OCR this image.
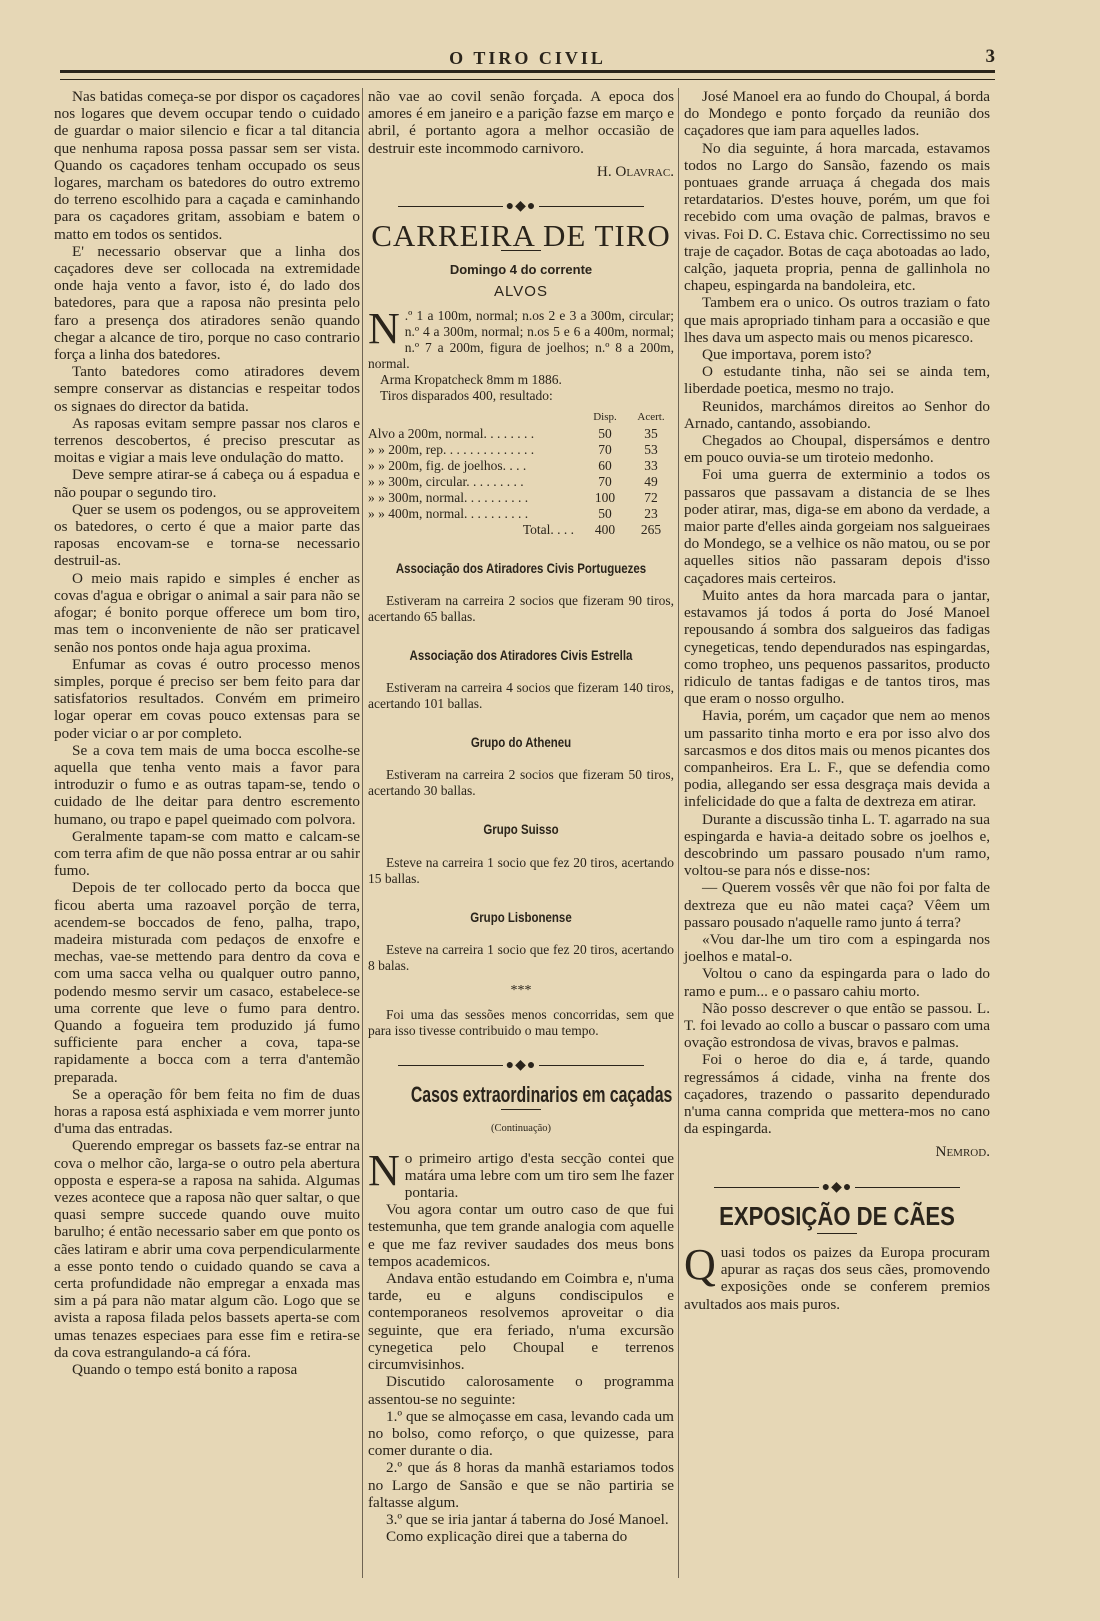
O TIRO CIVIL	3

Nas batidas começa-se por dispor os caçadores nos logares que devem occupar tendo o cuidado de guardar o maior silencio e ficar a tal ditancia que nenhuma raposa possa passar sem ser vista. Quando os caçadores tenham occupado os seus logares, marcham os batedores do outro extremo do terreno escolhido para a caçada e caminhando para os caçadores gritam, assobiam e batem o matto em todos os sentidos.

E' necessario observar que a linha dos caçadores deve ser collocada na extremidade onde haja vento a favor, isto é, do lado dos batedores, para que a raposa não presinta pelo faro a presença dos atiradores senão quando chegar a alcance de tiro, porque no caso contrario força a linha dos batedores.

Tanto batedores como atiradores devem sempre conservar as distancias e respeitar todos os signaes do director da batida.

As raposas evitam sempre passar nos claros e terrenos descobertos, é preciso prescutar as moitas e vigiar a mais leve ondulação do matto.

Deve sempre atirar-se á cabeça ou á espadua e não poupar o segundo tiro.

Quer se usem os podengos, ou se approveitem os batedores, o certo é que a maior parte das raposas encovam-se e torna-se necessario destruil-as.

O meio mais rapido e simples é encher as covas d'agua e obrigar o animal a sair para não se afogar; é bonito porque offerece um bom tiro, mas tem o inconveniente de não ser praticavel senão nos pontos onde haja agua proxima.

Enfumar as covas é outro processo menos simples, porque é preciso ser bem feito para dar satisfatorios resultados. Convém em primeiro logar operar em covas pouco extensas para se poder viciar o ar por completo.

Se a cova tem mais de uma bocca escolhe-se aquella que tenha vento mais a favor para introduzir o fumo e as outras tapam-se, tendo o cuidado de lhe deitar para dentro escremento humano, ou trapo e papel queimado com polvora.

Geralmente tapam-se com matto e calcam-se com terra afim de que não possa entrar ar ou sahir fumo.

Depois de ter collocado perto da bocca que ficou aberta uma razoavel porção de terra, acendem-se boccados de feno, palha, trapo, madeira misturada com pedaços de enxofre e mechas, vae-se mettendo para dentro da cova e com uma sacca velha ou qualquer outro panno, podendo mesmo servir um casaco, estabelece-se uma corrente que leve o fumo para dentro. Quando a fogueira tem produzido já fumo sufficiente para encher a cova, tapa-se rapidamente a bocca com a terra d'antemão preparada.

Se a operação fôr bem feita no fim de duas horas a raposa está asphixiada e vem morrer junto d'uma das entradas.

Querendo empregar os bassets faz-se entrar na cova o melhor cão, larga-se o outro pela abertura opposta e espera-se a raposa na sahida. Algumas vezes acontece que a raposa não quer saltar, o que quasi sempre succede quando ouve muito barulho; é então necessario saber em que ponto os cães latiram e abrir uma cova perpendicularmente a esse ponto tendo o cuidado quando se cava a certa profundidade não empregar a enxada mas sim a pá para não matar algum cão. Logo que se avista a raposa filada pelos bassets aperta-se com umas tenazes especiaes para esse fim e retira-se da cova estrangulando-a cá fóra.

Quando o tempo está bonito a raposa

não vae ao covil senão forçada. A epoca dos amores é em janeiro e a parição fazse em março e abril, é portanto agora a melhor occasião de destruir este incommodo carnivoro.

H. Olavrac.
●◆●
CARREIRA DE TIRO
Domingo 4 do corrente
ALVOS
N .º 1 a 100m, normal; n.os 2 e 3 a 300m, circular; n.º 4 a 300m, normal; n.os 5 e 6 a 400m, normal; n.º 7 a 200m, figura de joelhos; n.º 8 a 200m, normal.
Arma Kropatcheck 8mm m 1886.
Tiros disparados 400, resultado:
	Disp.	Acert.
Alvo a 200m, normal. . . . . . . .	50	35
» » 200m, rep. . . . . . . . . . . . . .	70	53
» » 200m, fig. de joelhos. . . .	60	33
» » 300m, circular. . . . . . . . .	70	49
» » 300m, normal. . . . . . . . . .	100	72
» » 400m, normal. . . . . . . . . .	50	23
Total. . . .	400	265
Associação dos Atiradores Civis Portuguezes

Estiveram na carreira 2 socios que fizeram 90 tiros, acertando 65 ballas.

Associação dos Atiradores Civis Estrella

Estiveram na carreira 4 socios que fizeram 140 tiros, acertando 101 ballas.

Grupo do Atheneu

Estiveram na carreira 2 socios que fizeram 50 tiros, acertando 30 ballas.

Grupo Suisso

Esteve na carreira 1 socio que fez 20 tiros, acertando 15 ballas.

Grupo Lisbonense

Esteve na carreira 1 socio que fez 20 tiros, acertando 8 balas.

***

Foi uma das sessões menos concorridas, sem que para isso tivesse contribuido o mau tempo.

●◆●
Casos extraordinarios em caçadas
(Continuação)

No primeiro artigo d'esta secção contei que matára uma lebre com um tiro sem lhe fazer pontaria.

Vou agora contar um outro caso de que fui testemunha, que tem grande analogia com aquelle e que me faz reviver saudades dos meus bons tempos academicos.

Andava então estudando em Coimbra e, n'uma tarde, eu e alguns condiscipulos e contemporaneos resolvemos aproveitar o dia seguinte, que era feriado, n'uma excursão cynegetica pelo Choupal e terrenos circumvisinhos.

Discutido calorosamente o programma assentou-se no seguinte:

1.º que se almoçasse em casa, levando cada um no bolso, como reforço, o que quizesse, para comer durante o dia.

2.º que ás 8 horas da manhã estariamos todos no Largo de Sansão e que se não partiria se faltasse algum.

3.º que se iria jantar á taberna do José Manoel.

Como explicação direi que a taberna do

José Manoel era ao fundo do Choupal, á borda do Mondego e ponto forçado da reunião dos caçadores que iam para aquelles lados.

No dia seguinte, á hora marcada, estavamos todos no Largo do Sansão, fazendo os mais pontuaes grande arruaça á chegada dos mais retardatarios. D'estes houve, porém, um que foi recebido com uma ovação de palmas, bravos e vivas. Foi D. C. Estava chic. Correctissimo no seu traje de caçador. Botas de caça abotoadas ao lado, calção, jaqueta propria, penna de gallinhola no chapeu, espingarda na bandoleira, etc.

Tambem era o unico. Os outros traziam o fato que mais apropriado tinham para a occasião e que lhes dava um aspecto mais ou menos picaresco.

Que importava, porem isto?

O estudante tinha, não sei se ainda tem, liberdade poetica, mesmo no trajo.

Reunidos, marchámos direitos ao Senhor do Arnado, cantando, assobiando.

Chegados ao Choupal, dispersámos e dentro em pouco ouvia-se um tiroteio medonho.

Foi uma guerra de exterminio a todos os passaros que passavam a distancia de se lhes poder atirar, mas, diga-se em abono da verdade, a maior parte d'elles ainda gorgeiam nos salgueiraes do Mondego, se a velhice os não matou, ou se por aquelles sitios não passaram depois d'isso caçadores mais certeiros.

Muito antes da hora marcada para o jantar, estavamos já todos á porta do José Manoel repousando á sombra dos salgueiros das fadigas cynegeticas, tendo dependurados nas espingardas, como tropheo, uns pequenos passaritos, producto ridiculo de tantas fadigas e de tantos tiros, mas que eram o nosso orgulho.

Havia, porém, um caçador que nem ao menos um passarito tinha morto e era por isso alvo dos sarcasmos e dos ditos mais ou menos picantes dos companheiros. Era L. F., que se defendia como podia, allegando ser essa desgraça mais devida a infelicidade do que a falta de dextreza em atirar.

Durante a discussão tinha L. T. agarrado na sua espingarda e havia-a deitado sobre os joelhos e, descobrindo um passaro pousado n'um ramo, voltou-se para nós e disse-nos:

— Querem vossês vêr que não foi por falta de dextreza que eu não matei caça? Vêem um passaro pousado n'aquelle ramo junto á terra?

«Vou dar-lhe um tiro com a espingarda nos joelhos e matal-o.

Voltou o cano da espingarda para o lado do ramo e pum... e o passaro cahiu morto.

Não posso descrever o que então se passou. L. T. foi levado ao collo a buscar o passaro com uma ovação estrondosa de vivas, bravos e palmas.

Foi o heroe do dia e, á tarde, quando regressámos á cidade, vinha na frente dos caçadores, trazendo o passarito dependurado n'uma canna comprida que mettera-mos no cano da espingarda.

Nemrod.
●◆●
EXPOSIÇÃO DE CÃES

Quasi todos os paizes da Europa procuram apurar as raças dos seus cães, promovendo exposições onde se conferem premios avultados aos mais puros.
